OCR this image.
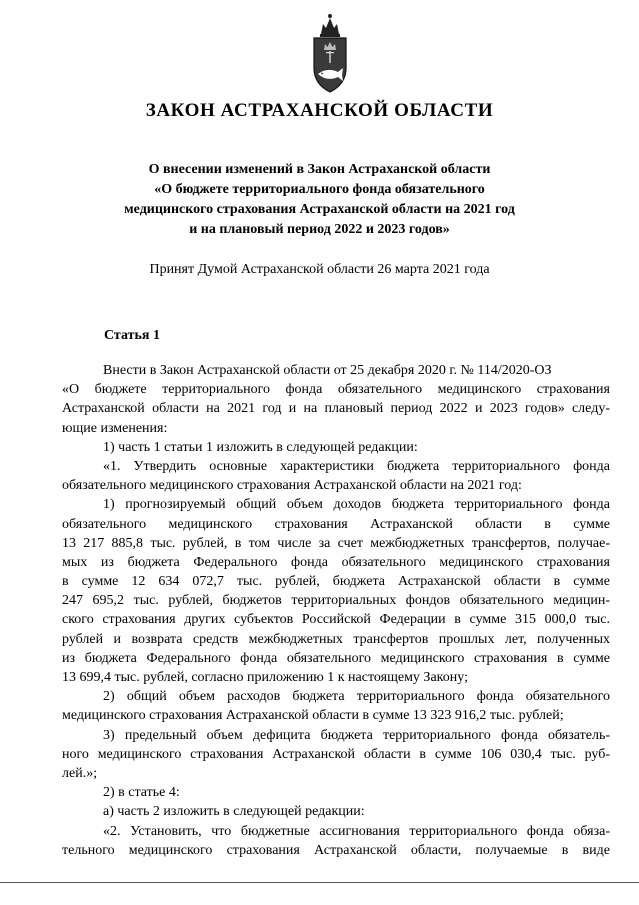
ЗАКОН АСТРАХАНСКОЙ ОБЛАСТИ
О внесении изменений в Закон Астраханской области
«О бюджете территориального фонда обязательного
медицинского страхования Астраханской области на 2021 год
и на плановый период 2022 и 2023 годов»
Принят Думой Астраханской области 26 марта 2021 года
Статья 1
Внести в Закон Астраханской области от 25 декабря 2020 г. № 114/2020-ОЗ
«О бюджете территориального фонда обязательного медицинского страхования
Астраханской области на 2021 год и на плановый период 2022 и 2023 годов» следу-
ющие изменения:
1) часть 1 статьи 1 изложить в следующей редакции:
«1. Утвердить основные характеристики бюджета территориального фонда
обязательного медицинского страхования Астраханской области на 2021 год:
1) прогнозируемый общий объем доходов бюджета территориального фонда
обязательного медицинского страхования Астраханской области в сумме
13 217 885,8 тыс. рублей, в том числе за счет межбюджетных трансфертов, получае-
мых из бюджета Федерального фонда обязательного медицинского страхования
в сумме 12 634 072,7 тыс. рублей, бюджета Астраханской области в сумме
247 695,2 тыс. рублей, бюджетов территориальных фондов обязательного медицин-
ского страхования других субъектов Российской Федерации в сумме 315 000,0 тыс.
рублей и возврата средств межбюджетных трансфертов прошлых лет, полученных
из бюджета Федерального фонда обязательного медицинского страхования в сумме
13 699,4 тыс. рублей, согласно приложению 1 к настоящему Закону;
2) общий объем расходов бюджета территориального фонда обязательного
медицинского страхования Астраханской области в сумме 13 323 916,2 тыс. рублей;
3) предельный объем дефицита бюджета территориального фонда обязатель-
ного медицинского страхования Астраханской области в сумме 106 030,4 тыс. руб-
лей.»;
2) в статье 4:
а) часть 2 изложить в следующей редакции:
«2. Установить, что бюджетные ассигнования территориального фонда обяза-
тельного медицинского страхования Астраханской области, получаемые в виде
